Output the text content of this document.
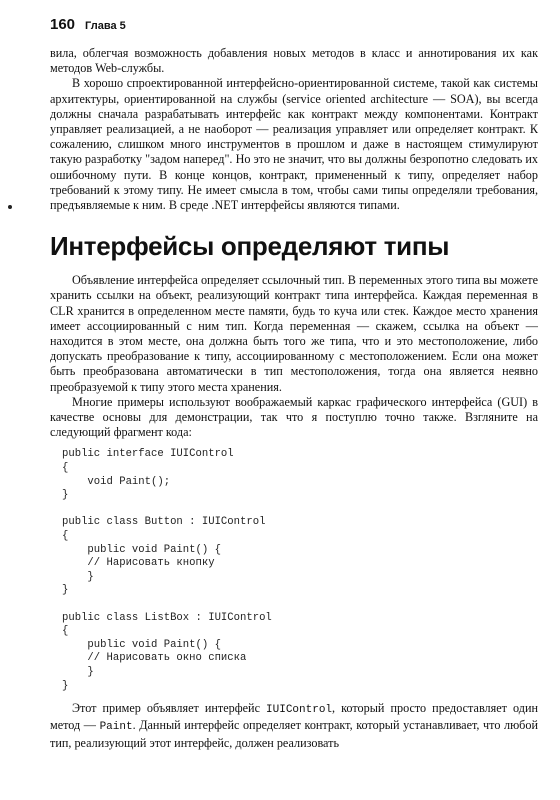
160 Глава 5

вила, облегчая возможность добавления новых методов в класс и аннотирования их как методов Web-службы.

В хорошо спроектированной интерфейсно-ориентированной системе, такой как системы архитектуры, ориентированной на службы (service oriented architecture — SOA), вы всегда должны сначала разрабатывать интерфейс как контракт между компонентами. Контракт управляет реализацией, а не наоборот — реализация управляет или определяет контракт. К сожалению, слишком много инструментов в прошлом и даже в настоящем стимулируют такую разработку "задом наперед". Но это не значит, что вы должны безропотно следовать их ошибочному пути. В конце концов, контракт, примененный к типу, определяет набор требований к этому типу. Не имеет смысла в том, чтобы сами типы определяли требования, предъявляемые к ним. В среде .NET интерфейсы являются типами.

Интерфейсы определяют типы

Объявление интерфейса определяет ссылочный тип. В переменных этого типа вы можете хранить ссылки на объект, реализующий контракт типа интерфейса. Каждая переменная в CLR хранится в определенном месте памяти, будь то куча или стек. Каждое место хранения имеет ассоциированный с ним тип. Когда переменная — скажем, ссылка на объект — находится в этом месте, она должна быть того же типа, что и это местоположение, либо допускать преобразование к типу, ассоциированному с местоположением. Если она может быть преобразована автоматически в тип местоположения, тогда она является неявно преобразуемой к типу этого места хранения.

Многие примеры используют воображаемый каркас графического интерфейса (GUI) в качестве основы для демонстрации, так что я поступлю точно также. Взгляните на следующий фрагмент кода:

public interface IUIControl
{
void Paint();
}

public class Button : IUIControl
{
public void Paint() {
// Нарисовать кнопку
}
}

public class ListBox : IUIControl
{
public void Paint() {
// Нарисовать окно списка
}
}

Этот пример объявляет интерфейс IUIControl, который просто предоставляет один метод — Paint. Данный интерфейс определяет контракт, который устанавливает, что любой тип, реализующий этот интерфейс, должен реализовать
